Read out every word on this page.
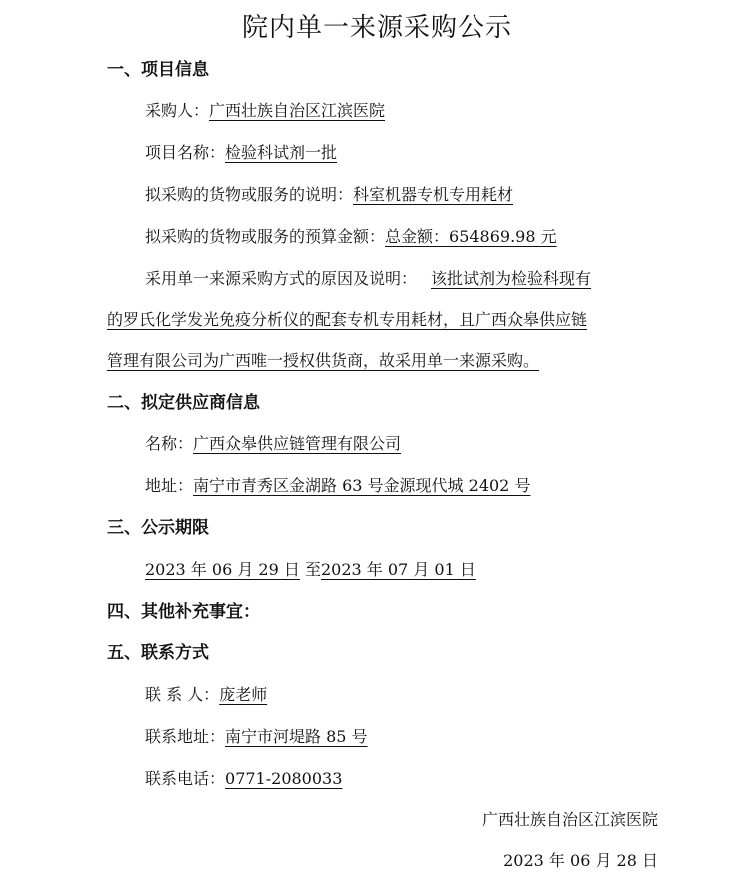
院内单一来源采购公示
一、项目信息
采购人：广西壮族自治区江滨医院
项目名称：检验科试剂一批
拟采购的货物或服务的说明：科室机器专机专用耗材
拟采购的货物或服务的预算金额：总金额：654869.98 元
采用单一来源采购方式的原因及说明： 该批试剂为检验科现有
的罗氏化学发光免疫分析仪的配套专机专用耗材，且广西众皋供应链
管理有限公司为广西唯一授权供货商，故采用单一来源采购。
二、拟定供应商信息
名称：广西众皋供应链管理有限公司
地址：南宁市青秀区金湖路 63 号金源现代城 2402 号
三、公示期限
2023 年 06 月 29 日 至2023 年 07 月 01 日
四、其他补充事宜：
五、联系方式
联 系 人：庞老师
联系地址：南宁市河堤路 85 号
联系电话：0771-2080033
广西壮族自治区江滨医院
2023 年 06 月 28 日
